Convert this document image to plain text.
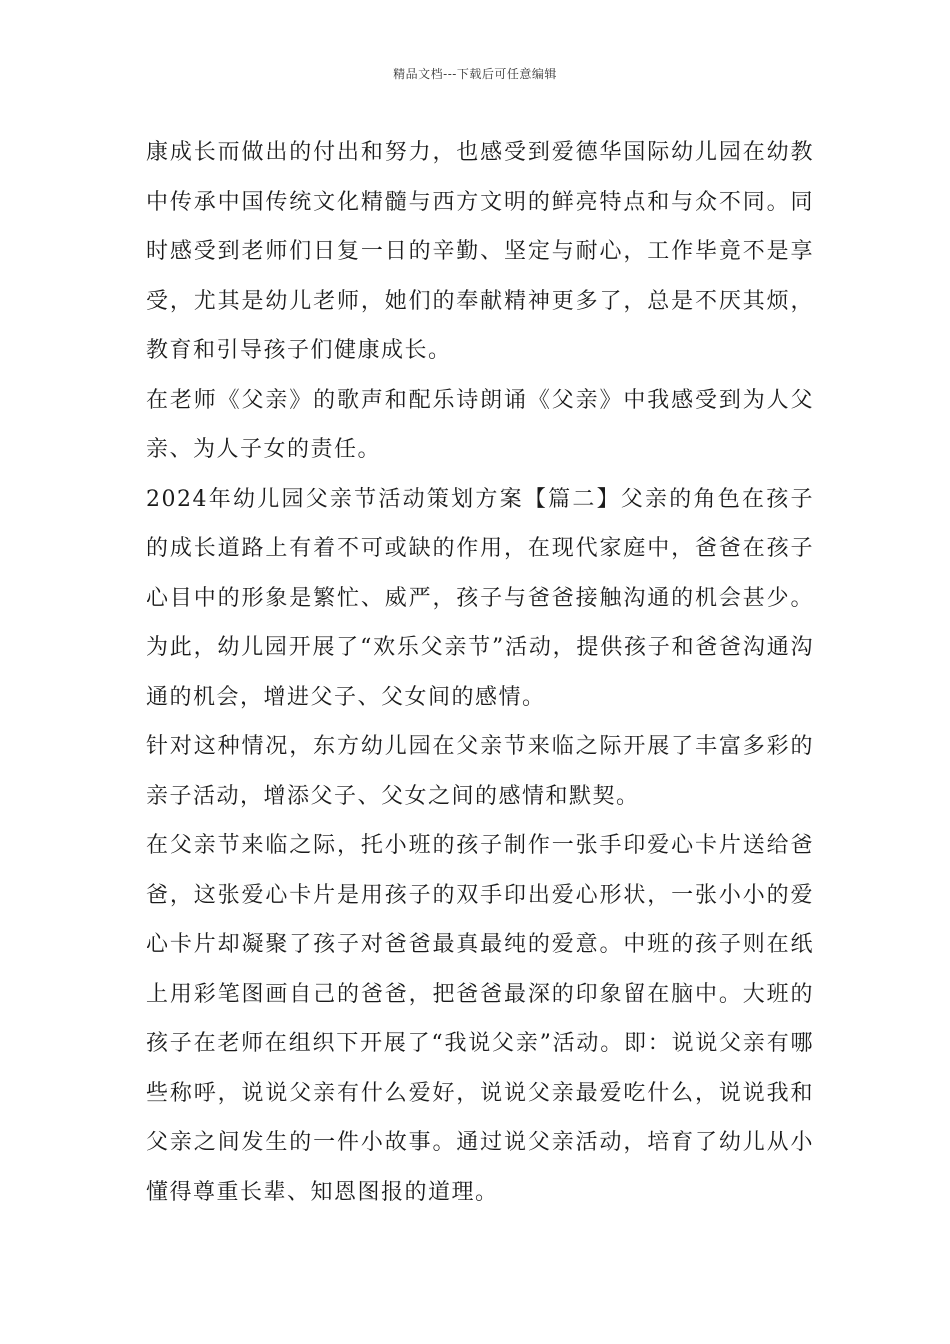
精品文档---下载后可任意编辑

康成长而做出的付出和努力，也感受到爱德华国际幼儿园在幼教中传承中国传统文化精髓与西方文明的鲜亮特点和与众不同。同时感受到老师们日复一日的辛勤、坚定与耐心，工作毕竟不是享受，尤其是幼儿老师，她们的奉献精神更多了，总是不厌其烦，教育和引导孩子们健康成长。

在老师《父亲》的歌声和配乐诗朗诵《父亲》中我感受到为人父亲、为人子女的责任。

2024年幼儿园父亲节活动策划方案【篇二】父亲的角色在孩子的成长道路上有着不可或缺的作用，在现代家庭中，爸爸在孩子心目中的形象是繁忙、威严，孩子与爸爸接触沟通的机会甚少。为此，幼儿园开展了“欢乐父亲节”活动，提供孩子和爸爸沟通沟通的机会，增进父子、父女间的感情。

针对这种情况，东方幼儿园在父亲节来临之际开展了丰富多彩的亲子活动，增添父子、父女之间的感情和默契。

在父亲节来临之际，托小班的孩子制作一张手印爱心卡片送给爸爸，这张爱心卡片是用孩子的双手印出爱心形状，一张小小的爱心卡片却凝聚了孩子对爸爸最真最纯的爱意。中班的孩子则在纸上用彩笔图画自己的爸爸，把爸爸最深的印象留在脑中。大班的孩子在老师在组织下开展了“我说父亲”活动。即：说说父亲有哪些称呼，说说父亲有什么爱好，说说父亲最爱吃什么，说说我和父亲之间发生的一件小故事。通过说父亲活动，培育了幼儿从小懂得尊重长辈、知恩图报的道理。
